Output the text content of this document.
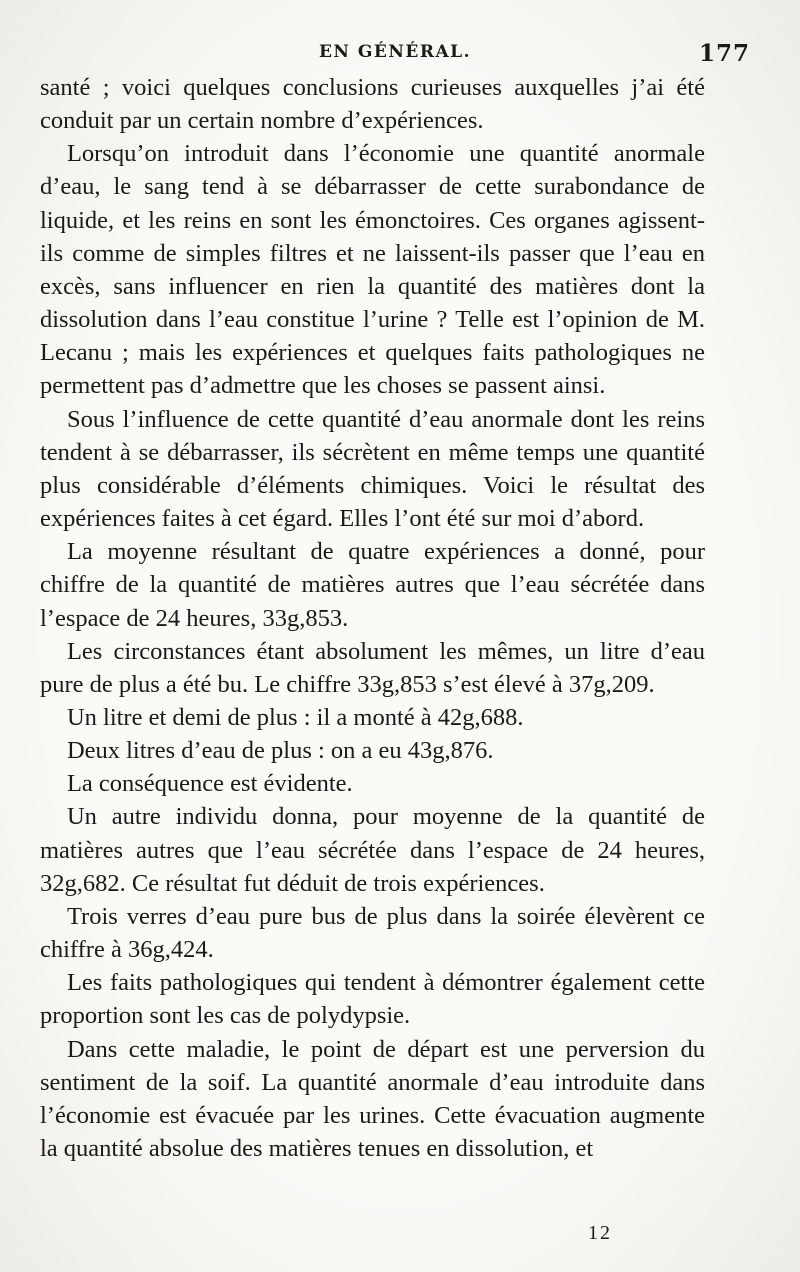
EN GÉNÉRAL.	177

santé ; voici quelques conclusions curieuses auxquelles j’ai été conduit par un certain nombre d’expériences.

Lorsqu’on introduit dans l’économie une quantité anormale d’eau, le sang tend à se débarrasser de cette surabondance de liquide, et les reins en sont les émonctoires. Ces organes agissent-ils comme de simples filtres et ne laissent-ils passer que l’eau en excès, sans influencer en rien la quantité des matières dont la dissolution dans l’eau constitue l’urine ? Telle est l’opinion de M. Lecanu ; mais les expériences et quelques faits pathologiques ne permettent pas d’admettre que les choses se passent ainsi.

Sous l’influence de cette quantité d’eau anormale dont les reins tendent à se débarrasser, ils sécrètent en même temps une quantité plus considérable d’éléments chimiques. Voici le résultat des expériences faites à cet égard. Elles l’ont été sur moi d’abord.

La moyenne résultant de quatre expériences a donné, pour chiffre de la quantité de matières autres que l’eau sécrétée dans l’espace de 24 heures, 33g,853.

Les circonstances étant absolument les mêmes, un litre d’eau pure de plus a été bu. Le chiffre 33g,853 s’est élevé à 37g,209.

Un litre et demi de plus : il a monté à 42g,688.

Deux litres d’eau de plus : on a eu 43g,876.

La conséquence est évidente.

Un autre individu donna, pour moyenne de la quantité de matières autres que l’eau sécrétée dans l’espace de 24 heures, 32g,682. Ce résultat fut déduit de trois expériences.

Trois verres d’eau pure bus de plus dans la soirée élevèrent ce chiffre à 36g,424.

Les faits pathologiques qui tendent à démontrer également cette proportion sont les cas de polydypsie.

Dans cette maladie, le point de départ est une perversion du sentiment de la soif. La quantité anormale d’eau introduite dans l’économie est évacuée par les urines. Cette évacuation augmente la quantité absolue des matières tenues en dissolution, et

12
